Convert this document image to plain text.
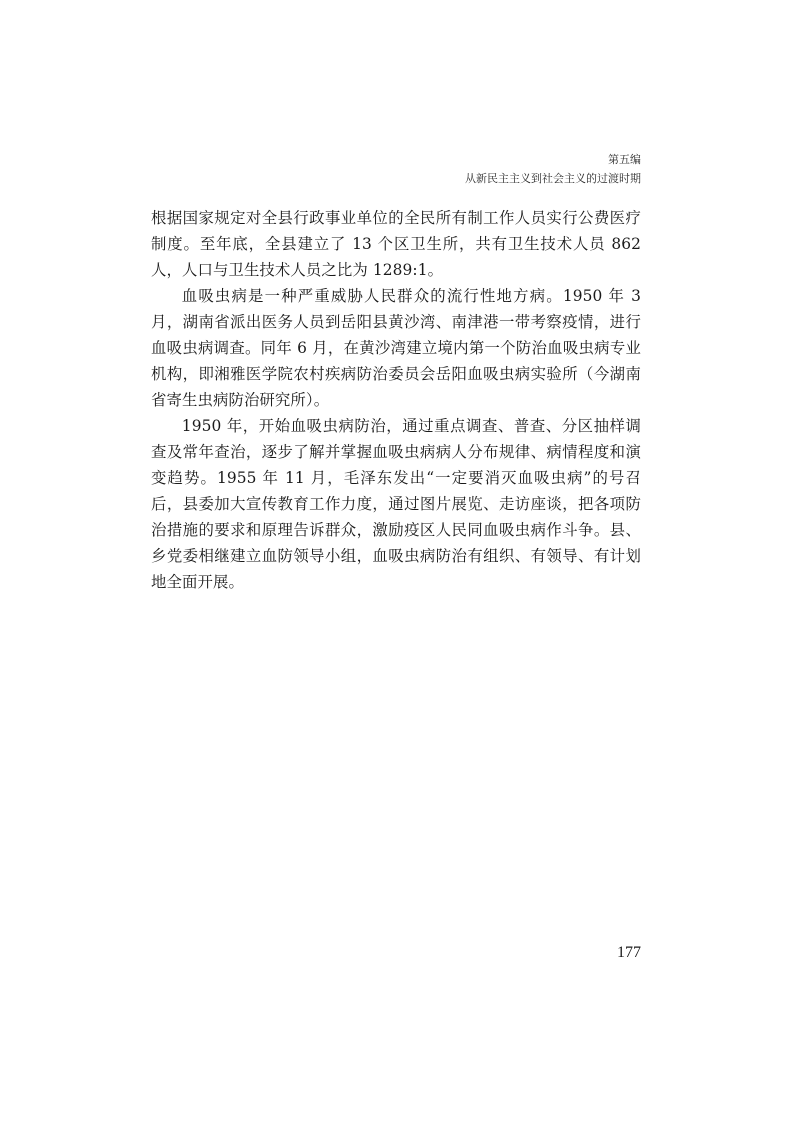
第五编
从新民主主义到社会主义的过渡时期

根据国家规定对全县行政事业单位的全民所有制工作人员实行公费医疗制度。至年底，全县建立了 13 个区卫生所，共有卫生技术人员 862 人，人口与卫生技术人员之比为 1289:1。

血吸虫病是一种严重威胁人民群众的流行性地方病。1950 年 3 月，湖南省派出医务人员到岳阳县黄沙湾、南津港一带考察疫情，进行血吸虫病调查。同年 6 月，在黄沙湾建立境内第一个防治血吸虫病专业机构，即湘雅医学院农村疾病防治委员会岳阳血吸虫病实验所（今湖南省寄生虫病防治研究所）。

1950 年，开始血吸虫病防治，通过重点调查、普查、分区抽样调查及常年查治，逐步了解并掌握血吸虫病病人分布规律、病情程度和演变趋势。1955 年 11 月，毛泽东发出“一定要消灭血吸虫病”的号召后，县委加大宣传教育工作力度，通过图片展览、走访座谈，把各项防治措施的要求和原理告诉群众，激励疫区人民同血吸虫病作斗争。县、乡党委相继建立血防领导小组，血吸虫病防治有组织、有领导、有计划地全面开展。

177
